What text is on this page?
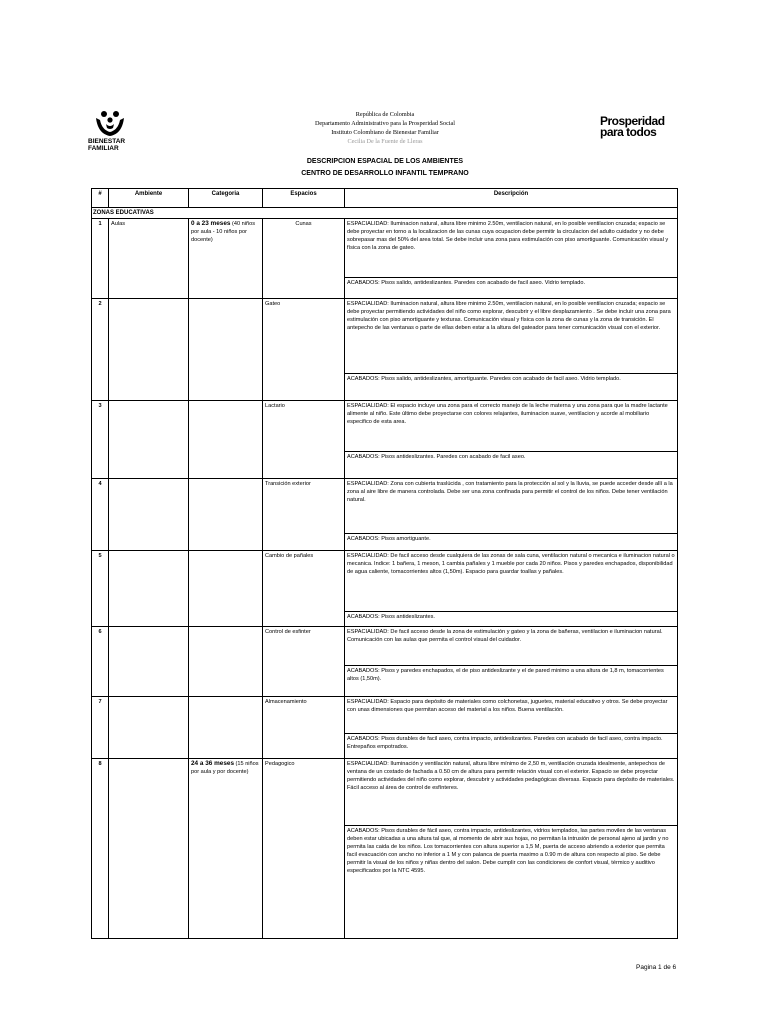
BIENESTAR
FAMILIAR
Prosperidad
para todos
República de Colombia
Departamento Administrativo para la Prosperidad Social
Instituto Colombiano de Bienestar Familiar
Cecilia De la Fuente de Lleras
DESCRIPCION ESPACIAL DE LOS AMBIENTES
CENTRO DE DESARROLLO INFANTIL TEMPRANO
#	Ambiente	Categoria	Espacios	Descripción
ZONAS EDUCATIVAS				
1	Aulas	0 a 23 meses (40 niños por aula - 10 niños por docente)	Cunas	ESPACIALIDAD: Iluminacion natural, altura libre minimo 2.50m, ventilacion natural, en lo posible ventilacion cruzada; espacio se debe proyectar en torno a la localizacion de las cunas cuya ocupacion debe permitir la circulacion del adulto cuidador y no debe sobrepasar mas del 50% del area total. Se debe incluir una zona para estimulación con piso amortiguante. Comunicación visual y física con la zona de gateo.
				ACABADOS: Pisos salido, antideslizantes. Paredes con acabado de facil aseo. Vidrio templado.
2			Gateo	ESPACIALIDAD: Iluminacion natural, altura libre minimo 2.50m, ventilacion natural, en lo posible ventilacion cruzada; espacio se debe proyectar permitiendo actividades del niño como explorar, descubrir y el libre desplazamiento . Se debe incluir una zona para estimulación con piso amortiguante y texturas. Comunicación visual y física con la zona de cunas y la zona de transición. El antepecho de las ventanas o parte de ellas deben estar a la altura del gateador para tener comunicación visual con el exterior.
				ACABADOS: Pisos salido, antideslizantes, amortiguante. Paredes con acabado de facil aseo. Vidrio templado.
3			Lactario	ESPACIALIDAD: El espacio incluye una zona para el correcto manejo de la leche materna y una zona para que la madre lactante alimente al niño. Este último debe proyectarse con colores relajantes, iluminacion suave, ventilacion y acorde al mobiliario especifico de esta area.
				ACABADOS: Pisos antideslizantes. Paredes con acabado de facil aseo.
4			Transición exterior	ESPACIALIDAD: Zona con cubierta traslúcida , con tratamiento para la protección al sol y la lluvia, se puede acceder desde allí a la zona al aire libre de manera controlada. Debe ser una zona confinada para permitir el control de los niños. Debe tener ventilación natural.
				ACABADOS: Pisos amortiguante.
5			Cambio de pañales	ESPACIALIDAD: De facil acceso desde cualquiera de las zonas de sala cuna, ventilacion natural o mecanica e iluminacion natural o mecanica. Indice: 1 bañera, 1 meson, 1 cambia pañales y 1 mueble por cada 20 niños. Pisos y paredes enchapados, disponibilidad de agua caliente, tomacorrientes altos (1,50m). Espacio para guardar toallas y pañales.
				ACABADOS: Pisos antideslizantes.
6			Control de esfinter	ESPACIALIDAD: De facil acceso desde la zona de estimulación y gateo y la zona de bañeras, ventilacion e iluminacion natural. Comunicación con las aulas que permita el control visual del cuidador.
				ACABADOS: Pisos y paredes enchapados, el de piso antideslizante y el de pared minimo a una altura de 1,8 m, tomacorrientes altos (1,50m).
7			Almacenamiento	ESPACIALIDAD: Espacio para depósito de materiales como colchonetas, juguetes, material educativo y otros. Se debe proyectar con unas dimensiones que permitan acceso del material a los niños. Buena ventilación.
				ACABADOS: Pisos durables de facil aseo, contra impacto, antideslizantes. Paredes con acabado de facil aseo, contra impacto. Entrepaños empotrados.
8		24 a 36 meses (15 niños por aula y por docente)	Pedagogico	ESPACIALIDAD: Iluminación y ventilación natural, altura libre mínimo de 2,50 m, ventilación cruzada idealmente, antepechos de ventana de un costado de fachada a 0.50 cm de altura para permitir relación visual con el exterior. Espacio se debe proyectar permitiendo actividades del niño como explorar, descubrir y actividades pedagógicas diversas. Espacio para depósito de materiales. Fácil acceso al área de control de esfínteres.
				ACABADOS: Pisos durables de fácil aseo, contra impacto, antideslizantes, vidrios templados, las partes moviles de las ventanas deben estar ubicadas a una altura tal que, al momento de abrir sus hojas, no permitan la intrusión de personal ajeno al jardin y no permita las caida de los niños. Los tomacorrientes con altura superior a 1,5 M, puerta de acceso abriendo a exterior que permita facil evacuación con ancho no inferior a 1 M y con palanca de puerta maximo a 0.90 m de altura con respecto al piso. Se debe permitir la visual de los niños y niñas dentro del salon. Debe cumplir con las condiciones de confort visual, térmico y auditivo especificados por la NTC 4595.
Pagina 1 de 6
